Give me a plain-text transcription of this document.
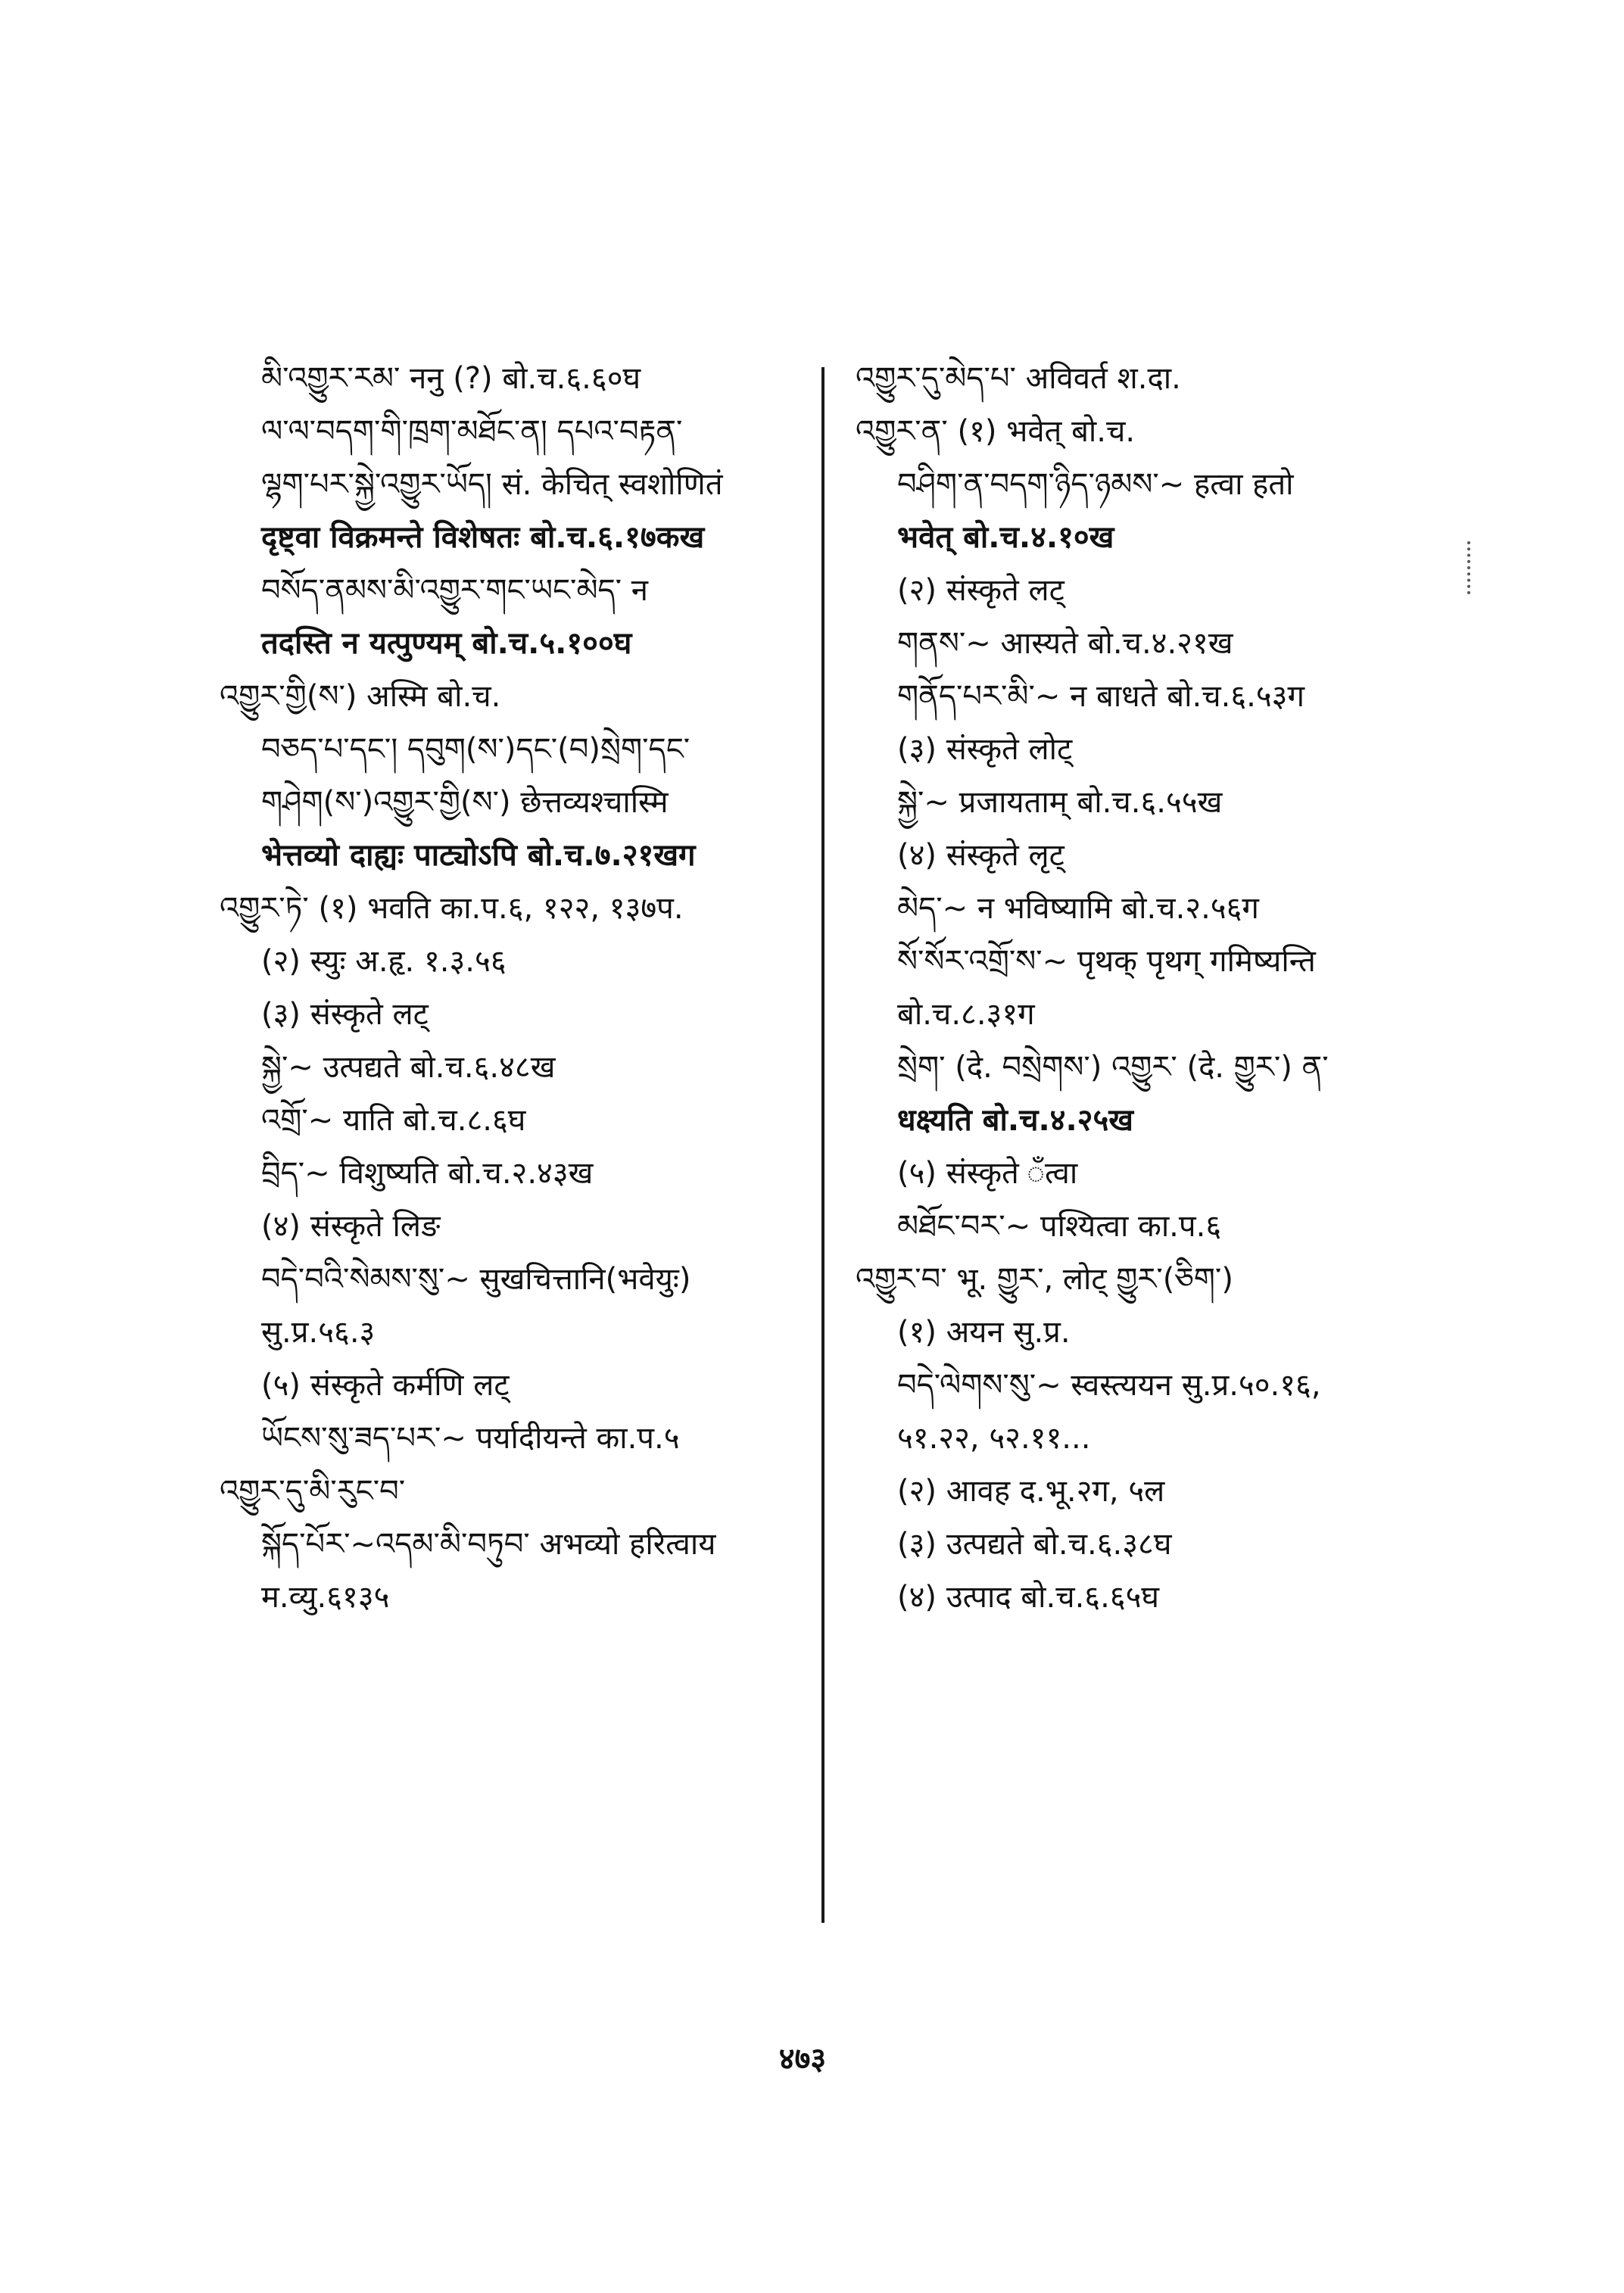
མི་འགྱུར་རམ་ ननु (?) बो.च.६.६०घ
ལ་ལ་བདག་གི་ཁྲག་མཐོང་ན། དཔའ་བརྟན་
ལྷག་པར་སྐྱེ་འགྱུར་ཡོད། सं. केचित् स्वशोणितं
दृष्ट्वा विक्रमन्ते विशेषतः बो.च.६.१७कख
བསོད་ནམས་མི་འགྱུར་གང་ཡང་མེད་ न
तदस्ति न यत्पुण्यम् बो.च.५.१००घ
འགྱུར་གྱི(ས་) अस्मि बो.च.
བཅད་པ་དང་། དབུག(ས་)དང་(བ)སྲེག་དང་
གཤེག(ས་)འགྱུར་གྱི(ས་) छेत्तव्यश्चास्मि
भेत्तव्यो दाह्यः पाट्योऽपि बो.च.७.२१खग
འགྱུར་ཏེ་ (१) भवति का.प.६, १२२, १३७प.
(२) स्युः अ.हृ. १.३.५६
(३) संस्कृते लट्
སྐྱེ་~ उत्पद्यते बो.च.६.४८ख
འགྲོ་~ याति बो.च.८.६घ
བྲིད་~ विशुष्यति बो.च.२.४३ख
(४) संस्कृते लिङ
བདེ་བའི་སེམས་སུ་~ सुखचित्तानि(भवेयुः)
सु.प्र.५६.३
(५) संस्कृते कर्मणि लट्
ཡོངས་སུ་ཟད་པར་~ पर्यादीयन्ते का.प.५
འགྱུར་དུ་མི་རུང་བ་
སྐོད་པོར་~འདམ་མི་བཏུབ་ अभव्यो हरित्वाय
म.व्यु.६१३५
འགྱུར་དུ་མེད་པ་ अविवर्त श.दा.
འགྱུར་ན་ (१) भवेत् बो.च.
བཤིག་ན་བདག་ཉིད་ཉམས་~ हत्वा हतो
भवेत् बो.च.४.१०ख
(२) संस्कृते लट्
གནས་~ आस्यते बो.च.४.२१ख
གནོད་པར་མི་~ न बाधते बो.च.६.५३ग
(३) संस्कृते लोट्
སྐྱེ་~ प्रजायताम् बो.च.६.५५ख
(४) संस्कृते लृट्
མེད་~ न भविष्यामि बो.च.२.५६ग
སོ་སོར་འགྲོ་ས་~ पृथक् पृथग् गमिष्यन्ति
बो.च.८.३१ग
སྲེག་ (दे. བསྲེགས་) འགྱུར་ (दे. གྱུར་) ན་
धक्ष्यति बो.च.४.२५ख
(५) संस्कृते ँत्वा
མཐོང་བར་~ पश्यित्वा का.प.६
འགྱུར་བ་ भू. གྱུར་, लोट् གྱུར་(ཅིག་)
(१) अयन सु.प्र.
བདེ་ལེགས་སུ་~ स्वस्त्ययन सु.प्र.५०.१६,
५१.२२, ५२.११...
(२) आवह द.भू.२ग, ५ल
(३) उत्पद्यते बो.च.६.३८घ
(४) उत्पाद बो.च.६.६५घ
४७३
